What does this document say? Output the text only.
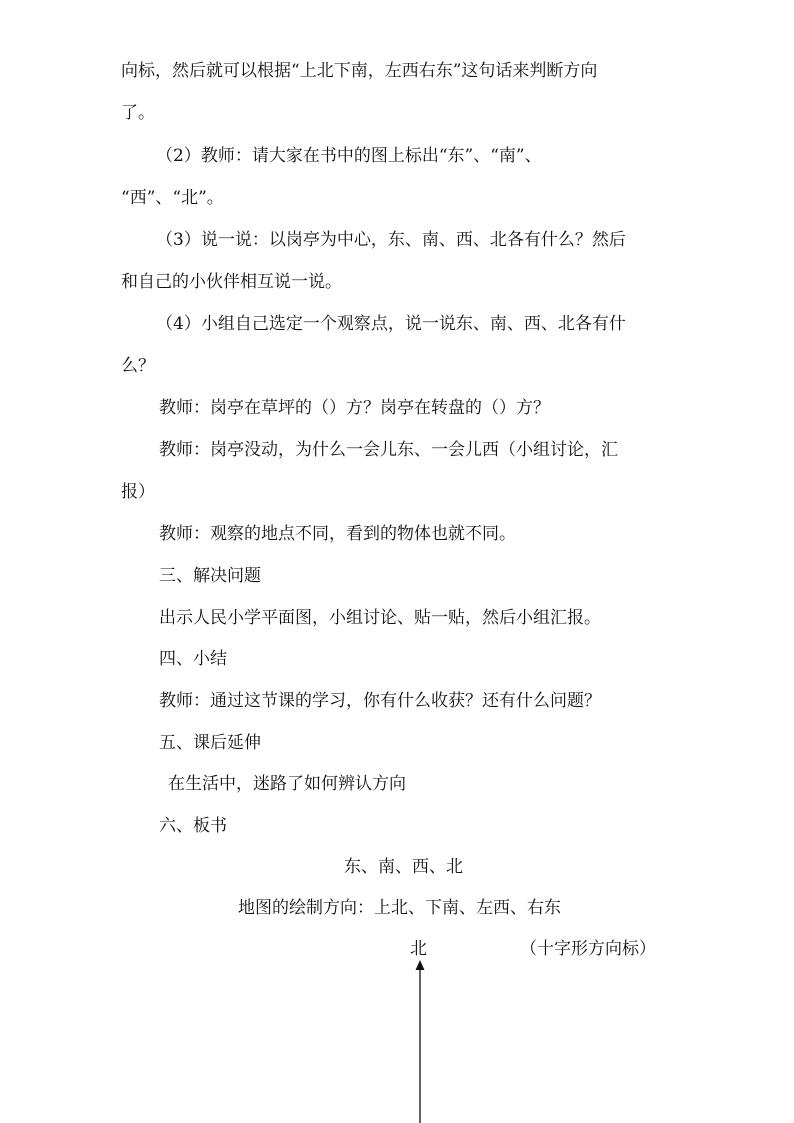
向标，然后就可以根据“上北下南，左西右东”这句话来判断方向
了。
（2）教师：请大家在书中的图上标出“东”、“南”、
“西”、“北”。
（3）说一说：以岗亭为中心，东、南、西、北各有什么？然后
和自己的小伙伴相互说一说。
（4）小组自己选定一个观察点，说一说东、南、西、北各有什
么？
教师：岗亭在草坪的（）方？岗亭在转盘的（）方？
教师：岗亭没动，为什么一会儿东、一会儿西（小组讨论，汇
报）
教师：观察的地点不同，看到的物体也就不同。
三、解决问题
出示人民小学平面图，小组讨论、贴一贴，然后小组汇报。
四、小结
教师：通过这节课的学习，你有什么收获？还有什么问题？
五、课后延伸
在生活中，迷路了如何辨认方向
六、板书
东、南、西、北
地图的绘制方向：上北、下南、左西、右东
北	（十字形方向标）
